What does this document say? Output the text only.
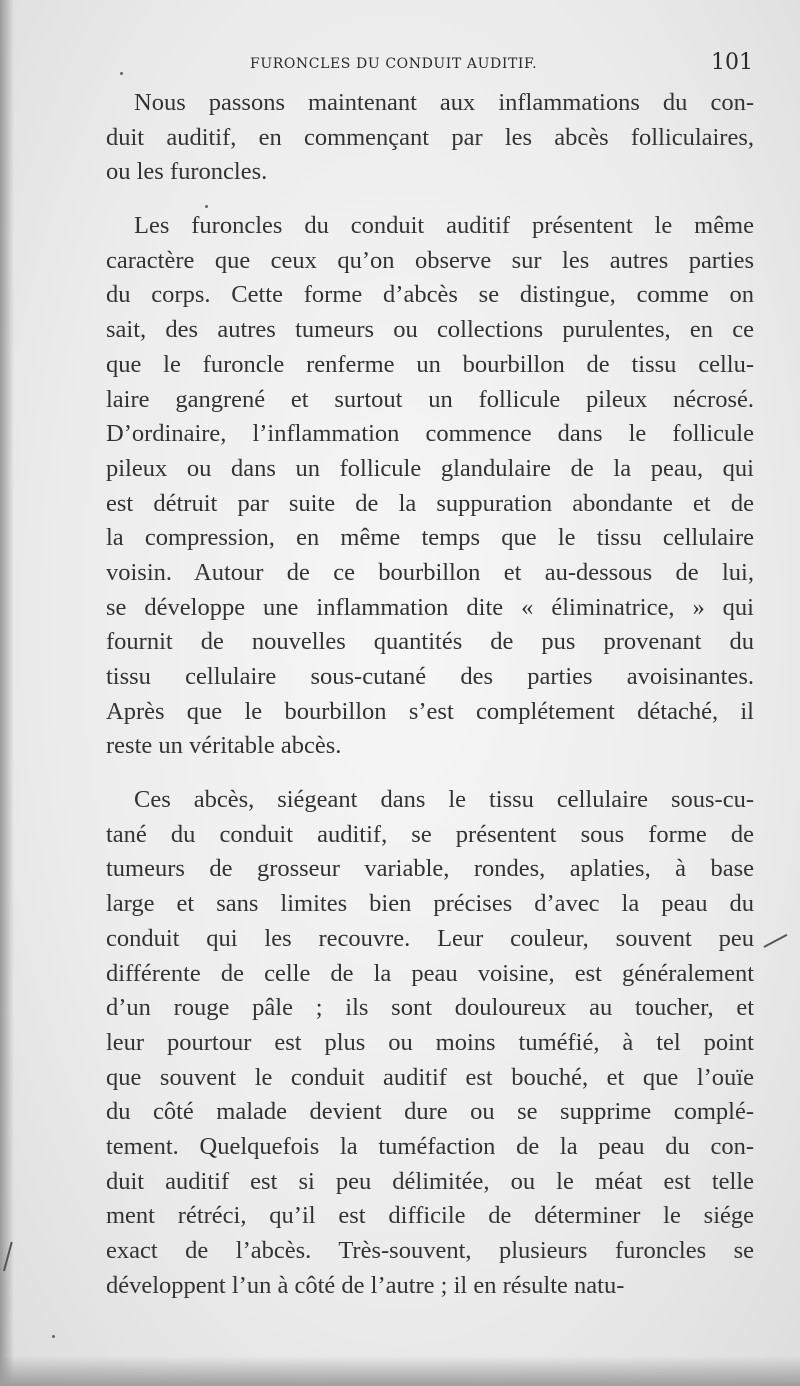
FURONCLES DU CONDUIT AUDITIF.	101
Nous passons maintenant aux inflammations du con-
duit auditif, en commençant par les abcès folliculaires,
ou les furoncles.
Les furoncles du conduit auditif présentent le même
caractère que ceux qu’on observe sur les autres parties
du corps. Cette forme d’abcès se distingue, comme on
sait, des autres tumeurs ou collections purulentes, en ce
que le furoncle renferme un bourbillon de tissu cellu-
laire gangrené et surtout un follicule pileux nécrosé.
D’ordinaire, l’inflammation commence dans le follicule
pileux ou dans un follicule glandulaire de la peau, qui
est détruit par suite de la suppuration abondante et de
la compression, en même temps que le tissu cellulaire
voisin. Autour de ce bourbillon et au-dessous de lui,
se développe une inflammation dite « éliminatrice, » qui
fournit de nouvelles quantités de pus provenant du
tissu cellulaire sous-cutané des parties avoisinantes.
Après que le bourbillon s’est complétement détaché, il
reste un véritable abcès.
Ces abcès, siégeant dans le tissu cellulaire sous-cu-
tané du conduit auditif, se présentent sous forme de
tumeurs de grosseur variable, rondes, aplaties, à base
large et sans limites bien précises d’avec la peau du
conduit qui les recouvre. Leur couleur, souvent peu
différente de celle de la peau voisine, est généralement
d’un rouge pâle ; ils sont douloureux au toucher, et
leur pourtour est plus ou moins tuméfié, à tel point
que souvent le conduit auditif est bouché, et que l’ouïe
du côté malade devient dure ou se supprime complé-
tement. Quelquefois la tuméfaction de la peau du con-
duit auditif est si peu délimitée, ou le méat est telle
ment rétréci, qu’il est difficile de déterminer le siége
exact de l’abcès. Très-souvent, plusieurs furoncles se
développent l’un à côté de l’autre ; il en résulte natu-
